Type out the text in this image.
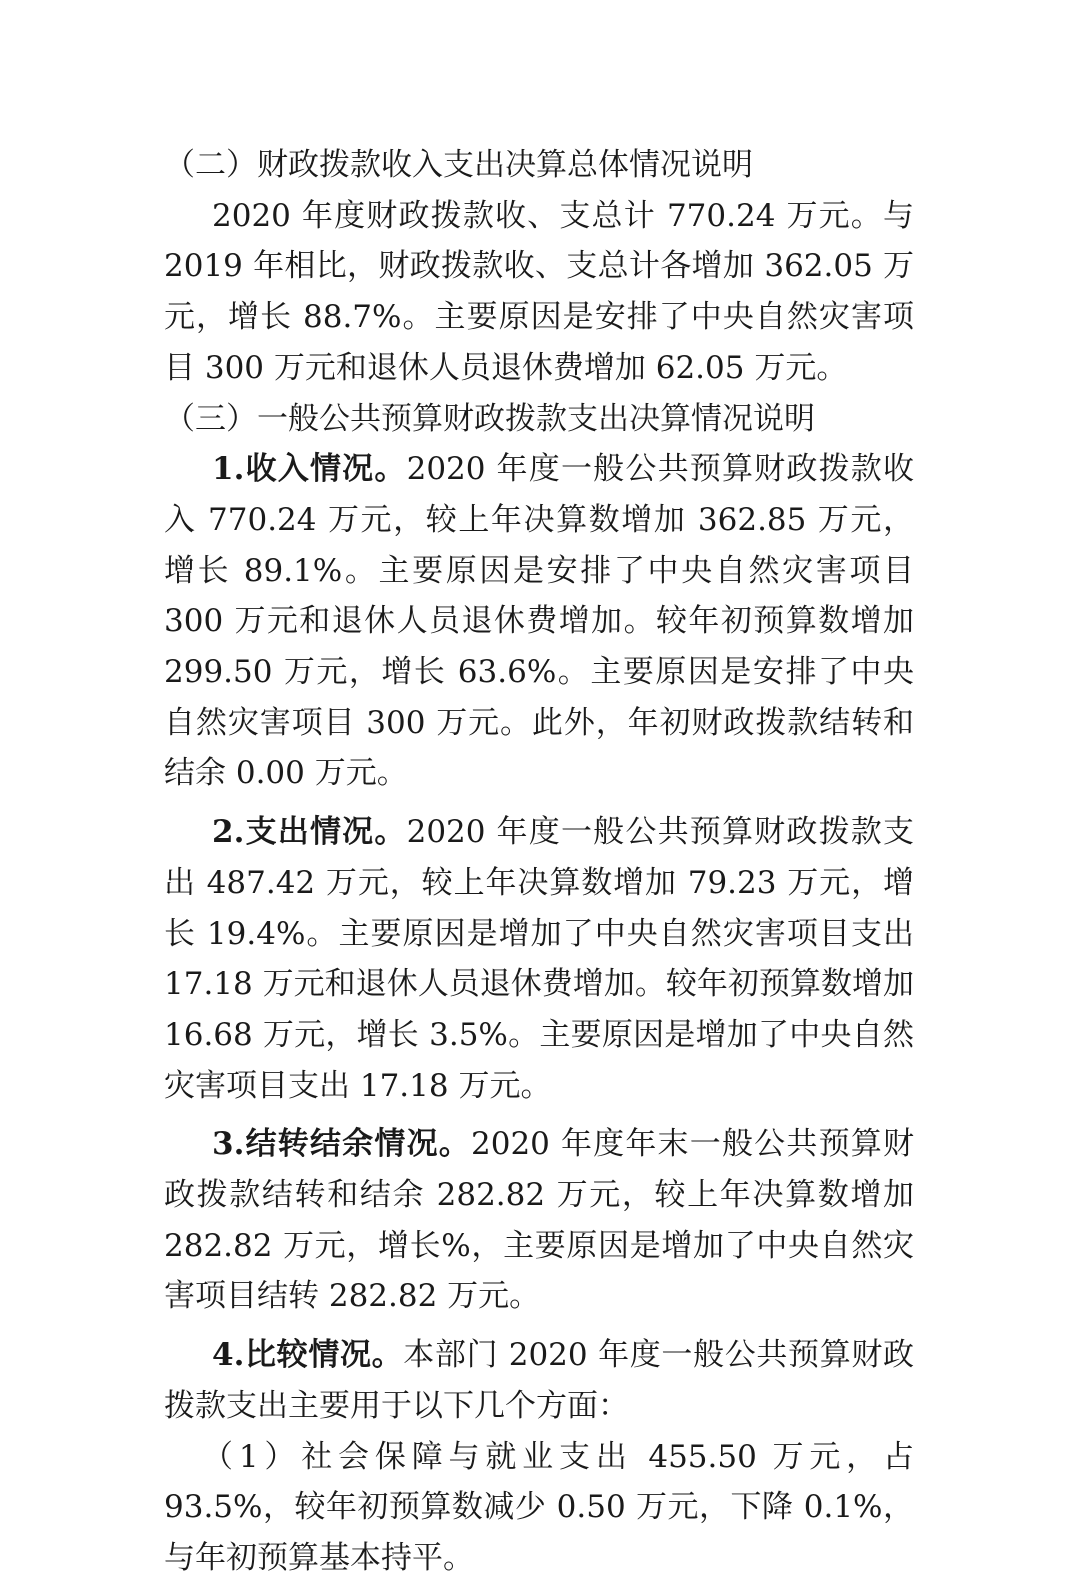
（二）财政拨款收入支出决算总体情况说明

2020 年度财政拨款收、支总计 770.24 万元。与 2019 年相比，财政拨款收、支总计各增加 362.05 万元，增长 88.7%。主要原因是安排了中央自然灾害项目 300 万元和退休人员退休费增加 62.05 万元。

（三）一般公共预算财政拨款支出决算情况说明

1.收入情况。2020 年度一般公共预算财政拨款收入 770.24 万元，较上年决算数增加 362.85 万元，增长 89.1%。主要原因是安排了中央自然灾害项目 300 万元和退休人员退休费增加。较年初预算数增加 299.50 万元，增长 63.6%。主要原因是安排了中央自然灾害项目 300 万元。此外，年初财政拨款结转和结余 0.00 万元。

2.支出情况。2020 年度一般公共预算财政拨款支出 487.42 万元，较上年决算数增加 79.23 万元，增长 19.4%。主要原因是增加了中央自然灾害项目支出 17.18 万元和退休人员退休费增加。较年初预算数增加 16.68 万元，增长 3.5%。主要原因是增加了中央自然灾害项目支出 17.18 万元。

3.结转结余情况。2020 年度年末一般公共预算财政拨款结转和结余 282.82 万元，较上年决算数增加 282.82 万元，增长%，主要原因是增加了中央自然灾害项目结转 282.82 万元。

4.比较情况。本部门 2020 年度一般公共预算财政拨款支出主要用于以下几个方面：

（1）社会保障与就业支出 455.50 万元，占 93.5%，较年初预算数减少 0.50 万元，下降 0.1%，与年初预算基本持平。
